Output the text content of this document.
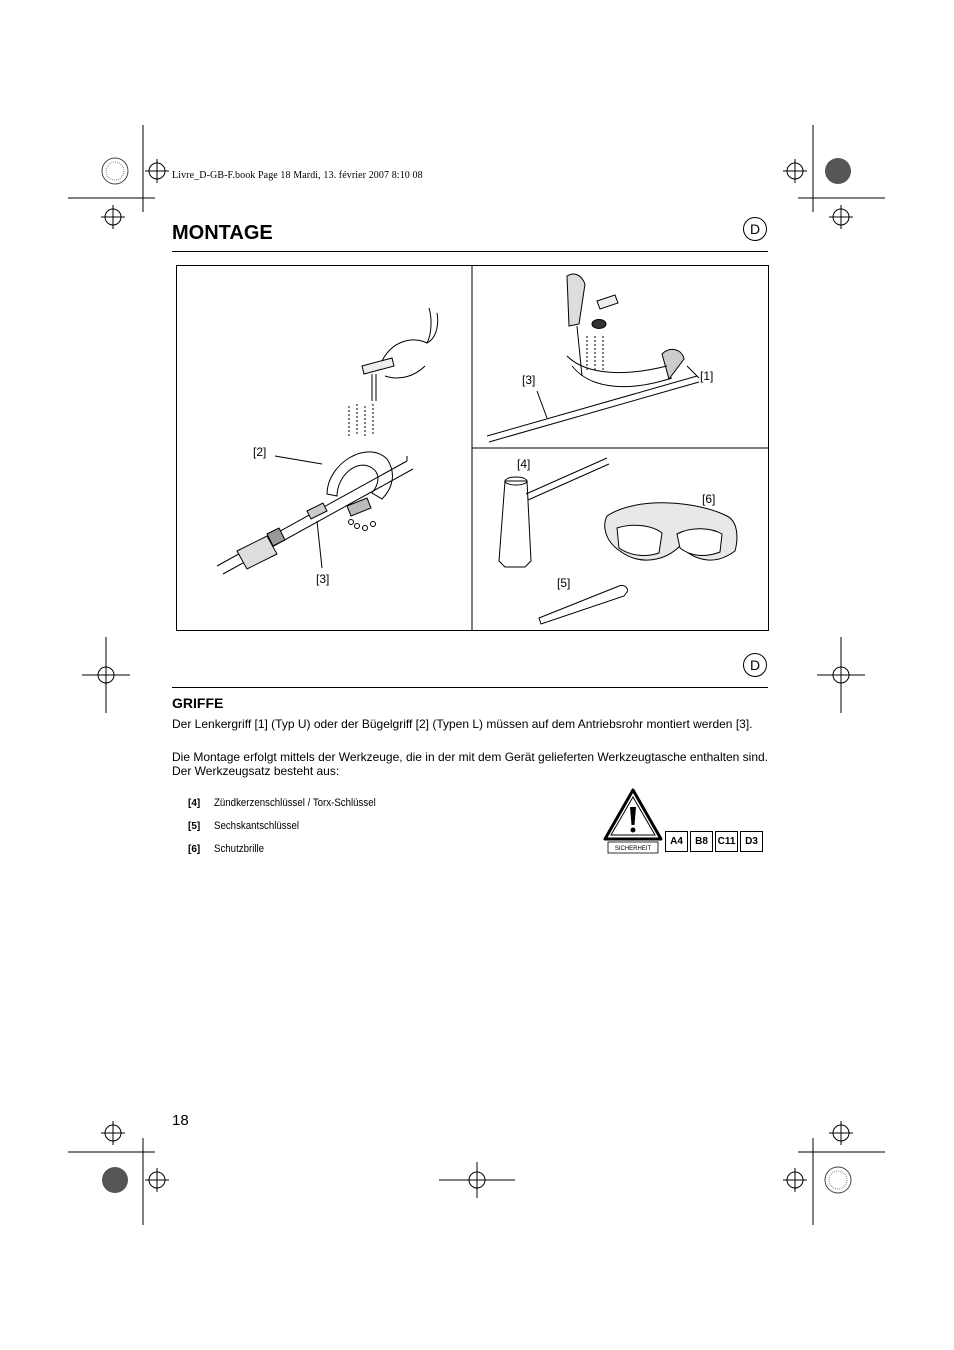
Livre_D-GB-F.book Page 18 Mardi, 13. février 2007 8:10 08
MONTAGE	D
[2]
[3]
[3]	[1]
[4]
[6]
[5]
D
GRIFFE
Der Lenkergriff [1] (Typ U) oder der Bügelgriff [2] (Typen L) müssen auf dem Antriebsrohr montiert werden [3].
Die Montage erfolgt mittels der Werkzeuge, die in der mit dem Gerät gelieferten Werkzeugtasche enthalten sind. Der Werkzeugsatz besteht aus:
[4] Zündkerzenschlüssel / Torx-Schlüssel
[5] Sechskantschlüssel
[6] Schutzbrille	SICHERHEIT
A4 B8 C11 D3
18
